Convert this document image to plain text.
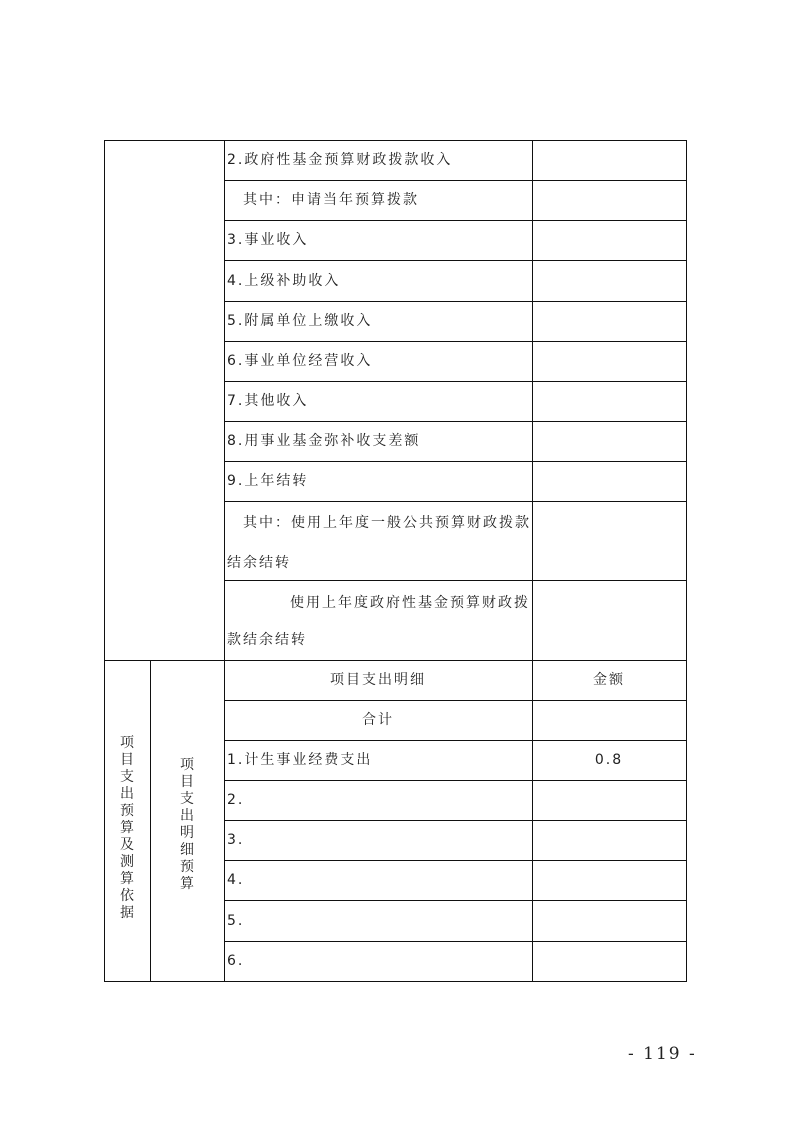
2.政府性基金预算财政拨款收入
其中：申请当年预算拨款
3.事业收入
4.上级补助收入
5.附属单位上缴收入
6.事业单位经营收入
7.其他收入
8.用事业基金弥补收支差额
9.上年结转
其中：使用上年度一般公共预算财政拨款
结余结转
使用上年度政府性基金预算财政拨
款结余结转
项目支出预算及测算依据
项目支出明细预算
项目支出明细	金额
合计
1.计生事业经费支出	0.8
2.
3.
4.
5.
6.
- 119 -
